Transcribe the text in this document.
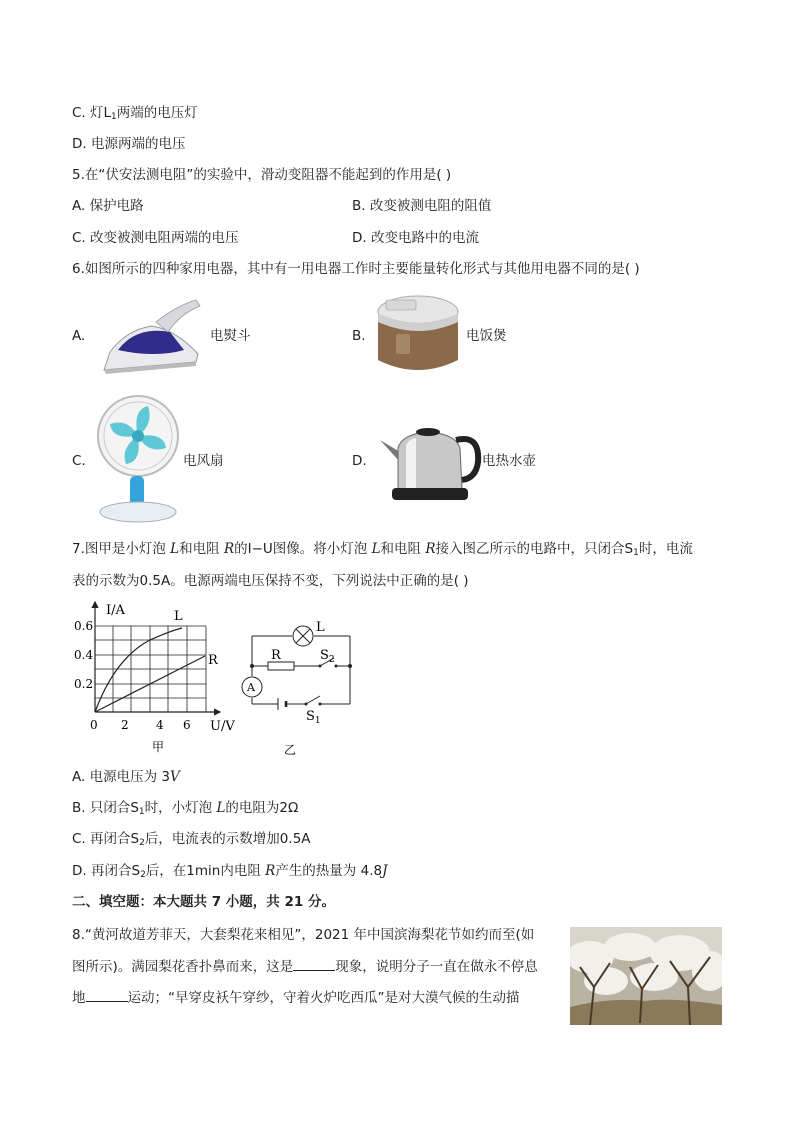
C. 灯$L_1$两端的电压灯
D. 电源两端的电压
5.在“伏安法测电阻”的实验中，滑动变阻器不能起到的作用是( )
A. 保护电路	B. 改变被测电阻的阻值
C. 改变被测电阻两端的电压	D. 改变电路中的电流
6.如图所示的四种家用电器，其中有一用电器工作时主要能量转化形式与其他用电器不同的是( )
A.	电熨斗	B.	电饭煲
C.	电风扇	D.	电热水壶
7.图甲是小灯泡 L和电阻 R的I−U图像。将小灯泡 L和电阻 R接入图乙所示的电路中，只闭合$S_1$时，电流
表的示数为0.5A。电源两端电压保持不变，下列说法中正确的是( )
I/A
U/V
0.6
0.4
0.2
0 2 4 6
L
R
甲
L
R	$S_2$
$S_1$
A
乙
A. 电源电压为 3V
B. 只闭合$S_1$时，小灯泡 L的电阻为2Ω
C. 再闭合$S_2$后，电流表的示数增加0.5A
D. 再闭合$S_2$后，在1min内电阻 R产生的热量为 4.8J
二、填空题：本大题共 7 小题，共 21 分。
8.“黄河故道芳菲天，大套梨花来相见”，2021 年中国滨海梨花节如约而至(如
图所示)。满园梨花香扑鼻而来，这是	现象，说明分子一直在做永不停息
地	运动；“早穿皮袄午穿纱，守着火炉吃西瓜”是对大漠气候的生动描
